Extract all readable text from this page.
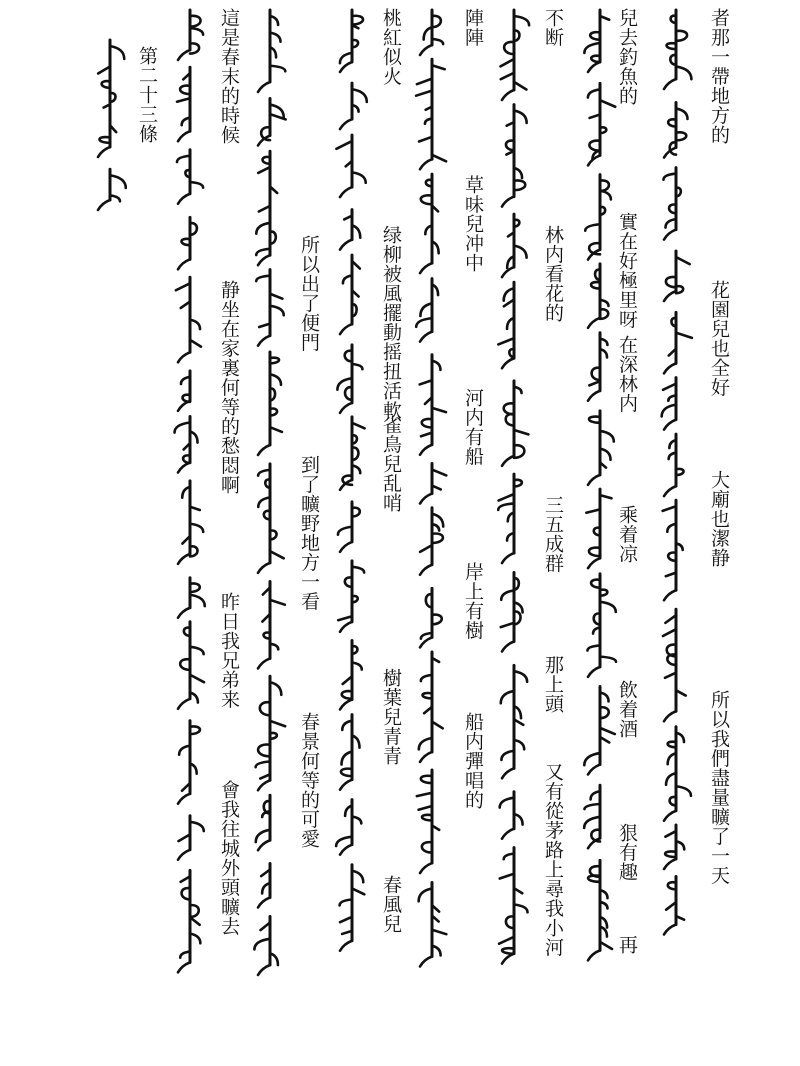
者那一帶地方的
花園兒也全好
大廟也潔静
所以我們盡量曠了一天
兒去釣魚的
實在好極里呀
在深林内
乘着凉
飲着酒
狠有趣
再
不断
林内看花的
三五成群
那上頭
又有從茅路上尋我小河
陣陣
草味兒冲中
河内有船
岸上有樹
船内彈唱的
桃紅似火
绿柳被風擺動摇扭活軟
雀鳥兒乱哨
樹葉兒青青
春風兒
所以出了便門
到了曠野地方一看
春景何等的可愛
這是春末的時候
静坐在家裏何等的愁悶啊
昨日我兄弟来
會我往城外頭曠去
第二十三條
